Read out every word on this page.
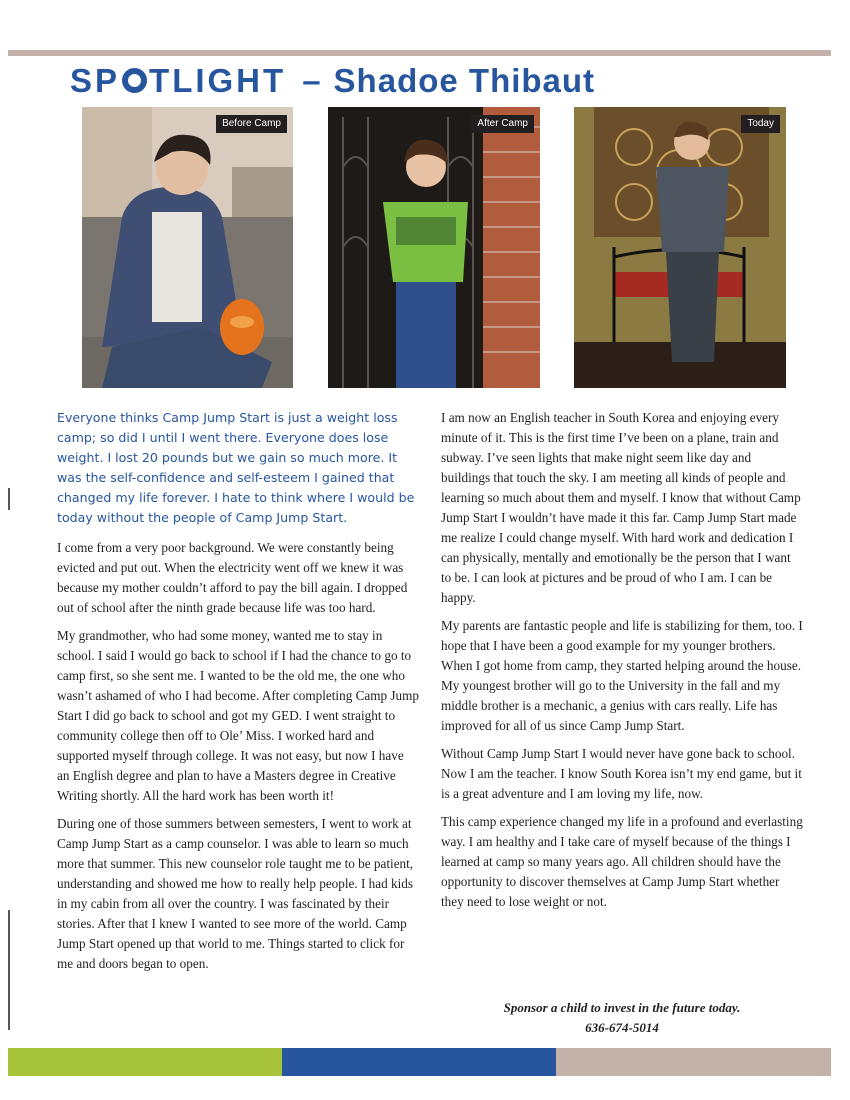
SP TLIGHT – Shadoe Thibaut
Before Camp	After Camp	Today

Everyone thinks Camp Jump Start is just a weight loss camp; so did I until I went there. Everyone does lose weight. I lost 20 pounds but we gain so much more. It was the self-confidence and self-esteem I gained that changed my life forever. I hate to think where I would be today without the people of Camp Jump Start.

I come from a very poor background. We were constantly being evicted and put out. When the electricity went off we knew it was because my mother couldn’t afford to pay the bill again. I dropped out of school after the ninth grade because life was too hard.

My grandmother, who had some money, wanted me to stay in school. I said I would go back to school if I had the chance to go to camp first, so she sent me. I wanted to be the old me, the one who wasn’t ashamed of who I had become. After completing Camp Jump Start I did go back to school and got my GED. I went straight to community college then off to Ole’ Miss. I worked hard and supported myself through college. It was not easy, but now I have an English degree and plan to have a Masters degree in Creative Writing shortly. All the hard work has been worth it!

During one of those summers between semesters, I went to work at Camp Jump Start as a camp counselor. I was able to learn so much more that summer. This new counselor role taught me to be patient, understanding and showed me how to really help people. I had kids in my cabin from all over the country. I was fascinated by their stories. After that I knew I wanted to see more of the world. Camp Jump Start opened up that world to me. Things started to click for me and doors began to open.

I am now an English teacher in South Korea and enjoying every minute of it. This is the first time I’ve been on a plane, train and subway. I’ve seen lights that make night seem like day and buildings that touch the sky. I am meeting all kinds of people and learning so much about them and myself. I know that without Camp Jump Start I wouldn’t have made it this far. Camp Jump Start made me realize I could change myself. With hard work and dedication I can physically, mentally and emotionally be the person that I want to be. I can look at pictures and be proud of who I am. I can be happy.

My parents are fantastic people and life is stabilizing for them, too. I hope that I have been a good example for my younger brothers. When I got home from camp, they started helping around the house. My youngest brother will go to the University in the fall and my middle brother is a mechanic, a genius with cars really. Life has improved for all of us since Camp Jump Start.

Without Camp Jump Start I would never have gone back to school. Now I am the teacher. I know South Korea isn’t my end game, but it is a great adventure and I am loving my life, now.

This camp experience changed my life in a profound and everlasting way. I am healthy and I take care of myself because of the things I learned at camp so many years ago. All children should have the opportunity to discover themselves at Camp Jump Start whether they need to lose weight or not.

Sponsor a child to invest in the future today.
636-674-5014
